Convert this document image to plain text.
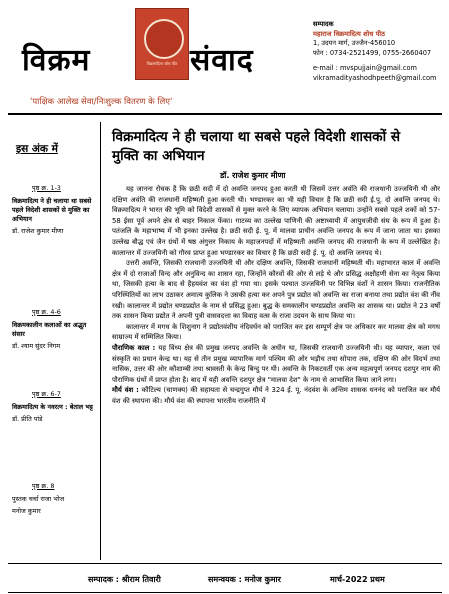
विक्रम	विक्रमादित्य शोध पीठ संवाद
'पाक्षिक आलेख सेवा/निःशुल्क वितरण के लिए'
सम्पादक
महाराज विक्रमादित्य शोध पीठ
1, उदयन मार्ग, उज्जैन-456010
फोन : 0734-2521499, 0755-2660407
e-mail : mvspujjain@gmail.com
vikramadityashodhpeeth@gmail.com
इस अंक में
पृष्ठ क्र. 1-3
विक्रमादित्य ने ही चलाया था सबसे पहले विदेशी शासकों से मुक्ति का अभियान
डॉ. राजेश कुमार मीणा
पृष्ठ क्र. 4-6
विक्रमकालीन कलाओं का अद्भुत संसार
डॉ. श्याम सुंदर निगम
पृष्ठ क्र. 6-7
विक्रमादित्य के नवरत्न : बेताल भट्ट
डॉ. प्रीति पांडे
पृष्ठ क्र. 8
पुस्तक चर्चा राजा भोज
मनोज कुमार
विक्रमादित्य ने ही चलाया था सबसे पहले विदेशी शासकों से मुक्ति का अभियान
डॉ. राजेश कुमार मीणा

यह जानना रोचक है कि छठी सदी में दो अवन्ति जनपद हुआ करती थी जिसमें उत्तर अवंति की राजधानी उज्जयिनी थी और दक्षिण अवंति की राजधानी महिष्मती हुआ करती थी। भण्डारकर का भी यही विचार है कि छठी सदी ई.पू. दो अवन्ति जनपद थे। विक्रमादित्य ने भारत की भूमि को विदेशी शासकों से मुक्त करने के लिए व्यापक अभियान चलाया। उन्होंने सबसे पहले शकों को 57-58 ईसा पूर्व अपने क्षेत्र से बाहर निकाल फेंका। गाटव्य का उल्लेख पाणिनी की अष्टाध्यायी में आयुधजीवी संघ के रूप में हुआ है। पतंजलि के महाभाष्य में भी इनका उल्लेख है। छठी सदी ई. पू. में मालवा प्राचीन अवन्ति जनपद के रूप में जाना जाता था। इसका उल्लेख बौद्ध एवं जैन ग्रंथों में षष्ठ अंगुत्तर निकाय के महाजनपदों में महिष्मती अवन्ति जनपद की राजधानी के रूप में उल्लेखित है। कालान्तर में उज्जयिनी को गौरव प्राप्त हुआ भण्डारकर का विचार है कि छठी सदी ई. पू. दो अवन्ति जनपद थे।

उत्तरी अवन्ति, जिसकी राजधानी उज्जयिनी थी और दक्षिण अवन्ति, जिसकी राजधानी महिष्मती थी। महाभारत काल में अवन्ति क्षेत्र में दो राजाओं विन्द और अनुविन्द का शासन रहा, जिन्होंने कौरवों की ओर से लड़े थे और प्रसिद्ध अक्षौहणी सेना का नेतृत्व किया था, जिसकी हत्या के बाद से हैहयवंश का वंश हो गया था। इसके पश्चात उज्जयिनी पर विभिन्न वंशों ने शासन किया। राजनीतिक परिस्थितियों का लाभ उठाकर अमात्य कुलिक ने उसकी हत्या कर अपने पुत्र प्रद्योत को अवन्ति का राजा बनाया तथा प्रद्योत वंश की नींव रखी। कालान्तर में प्रद्योत चण्डप्रद्योत के नाम से प्रसिद्ध हुआ। बुद्ध के समकालीन चण्डप्रद्योत अवन्ति का शासक था। प्रद्योत ने 23 वर्षों तक शासन किया प्रद्योत ने अपनी पुत्री वासवदत्ता का विवाह वत्स के राजा उदयन के साथ किया था।

कालान्तर में मगध के शिशुनाग ने प्रद्योतवंशीय नंदिवर्धन को पराजित कर इस सम्पूर्ण क्षेत्र पर अधिकार कर मालवा क्षेत्र को मगध साम्राज्य में सम्मिलित किया।

पौराणिक काल : यह विंध्य क्षेत्र की प्रमुख जनपद अवन्ति के अधीन था, जिसकी राजधानी उज्जयिनी थी। यह व्यापार, कला एवं संस्कृति का प्रधान केन्द्र था। यह से तीन प्रमुख व्यापारिक मार्ग पश्चिम की ओर भड़ौच तथा सोपारा तक, दक्षिण की ओर विदर्भ तथा नासिक, उत्तर की ओर कौशाम्बी तथा श्रावस्ती के केन्द्र बिन्दु पर थी। अवन्ति के निकटवर्ती एक अन्य महत्वपूर्ण जनपद दशपुर नाम की पौराणिक ग्रंथों में प्राप्त होता है। बाद में यही अवन्ति दशपुर क्षेत्र "मालवा देश" के नाम से आभासित किया जाने लगा।

मौर्य वंश : कौटिल्य (चाणक्य) की सहायता से चन्द्रगुप्त मौर्य ने 324 ई. पू. नंदवंश के अन्तिम शासक धननंद को पराजित कर मौर्य वंश की स्थापना की। मौर्य वंश की स्थापना भारतीय राजनीति में

सम्पादक : श्रीराम तिवारी	समन्वयक : मनोज कुमार	मार्च-2022 प्रथम
